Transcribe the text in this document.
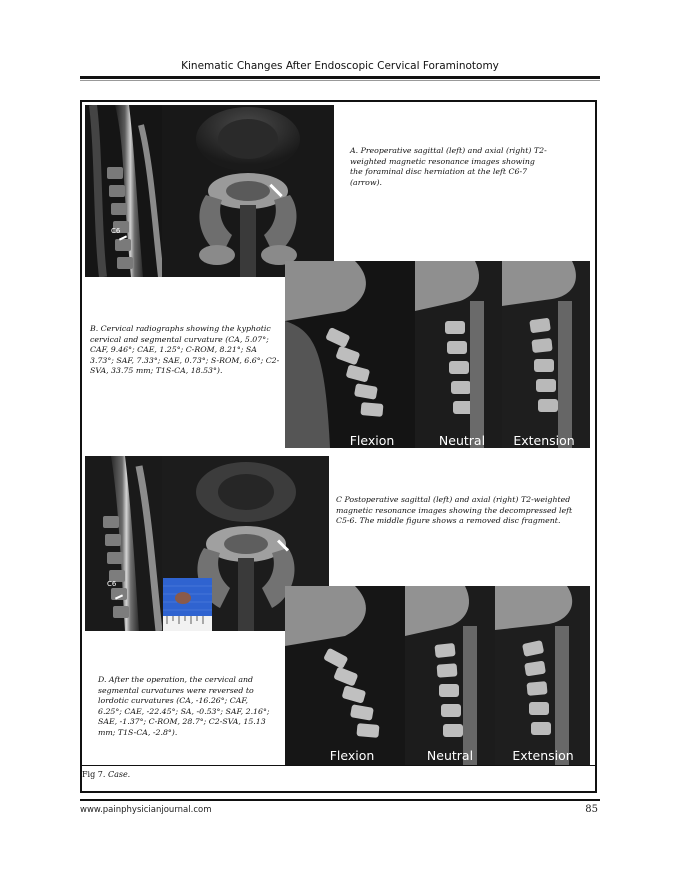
Kinematic Changes After Endoscopic Cervical Foraminotomy
C6
A. Preoperative sagittal (left) and axial (right) T2-weighted magnetic resonance images showing the foraminal disc herniation at the left C6-7 (arrow).
Flexion	Neutral	Extension
B. Cervical radiographs showing the kyphotic cervical and segmental curvature (CA, 5.07°; CAF, 9.46°; CAE, 1.25°; C-ROM, 8.21°; SA 3.73°; SAF, 7.33°; SAE, 0.73°; S-ROM, 6.6°; C2-SVA, 33.75 mm; T1S-CA, 18.53°).
C6
C Postoperative sagittal (left) and axial (right) T2-weighted magnetic resonance images showing the decompressed left C5-6. The middle figure shows a removed disc fragment.
Flexion	Neutral	Extension
D. After the operation, the cervical and segmental curvatures were reversed to lordotic curvatures (CA, -16.26°; CAF, 6.25°; CAE, -22.45°; SA, -0.53°; SAF, 2.16°; SAE, -1.37°; C-ROM, 28.7°; C2-SVA, 15.13 mm; T1S-CA, -2.8°).
Fig 7. Case.
www.painphysicianjournal.com	85
